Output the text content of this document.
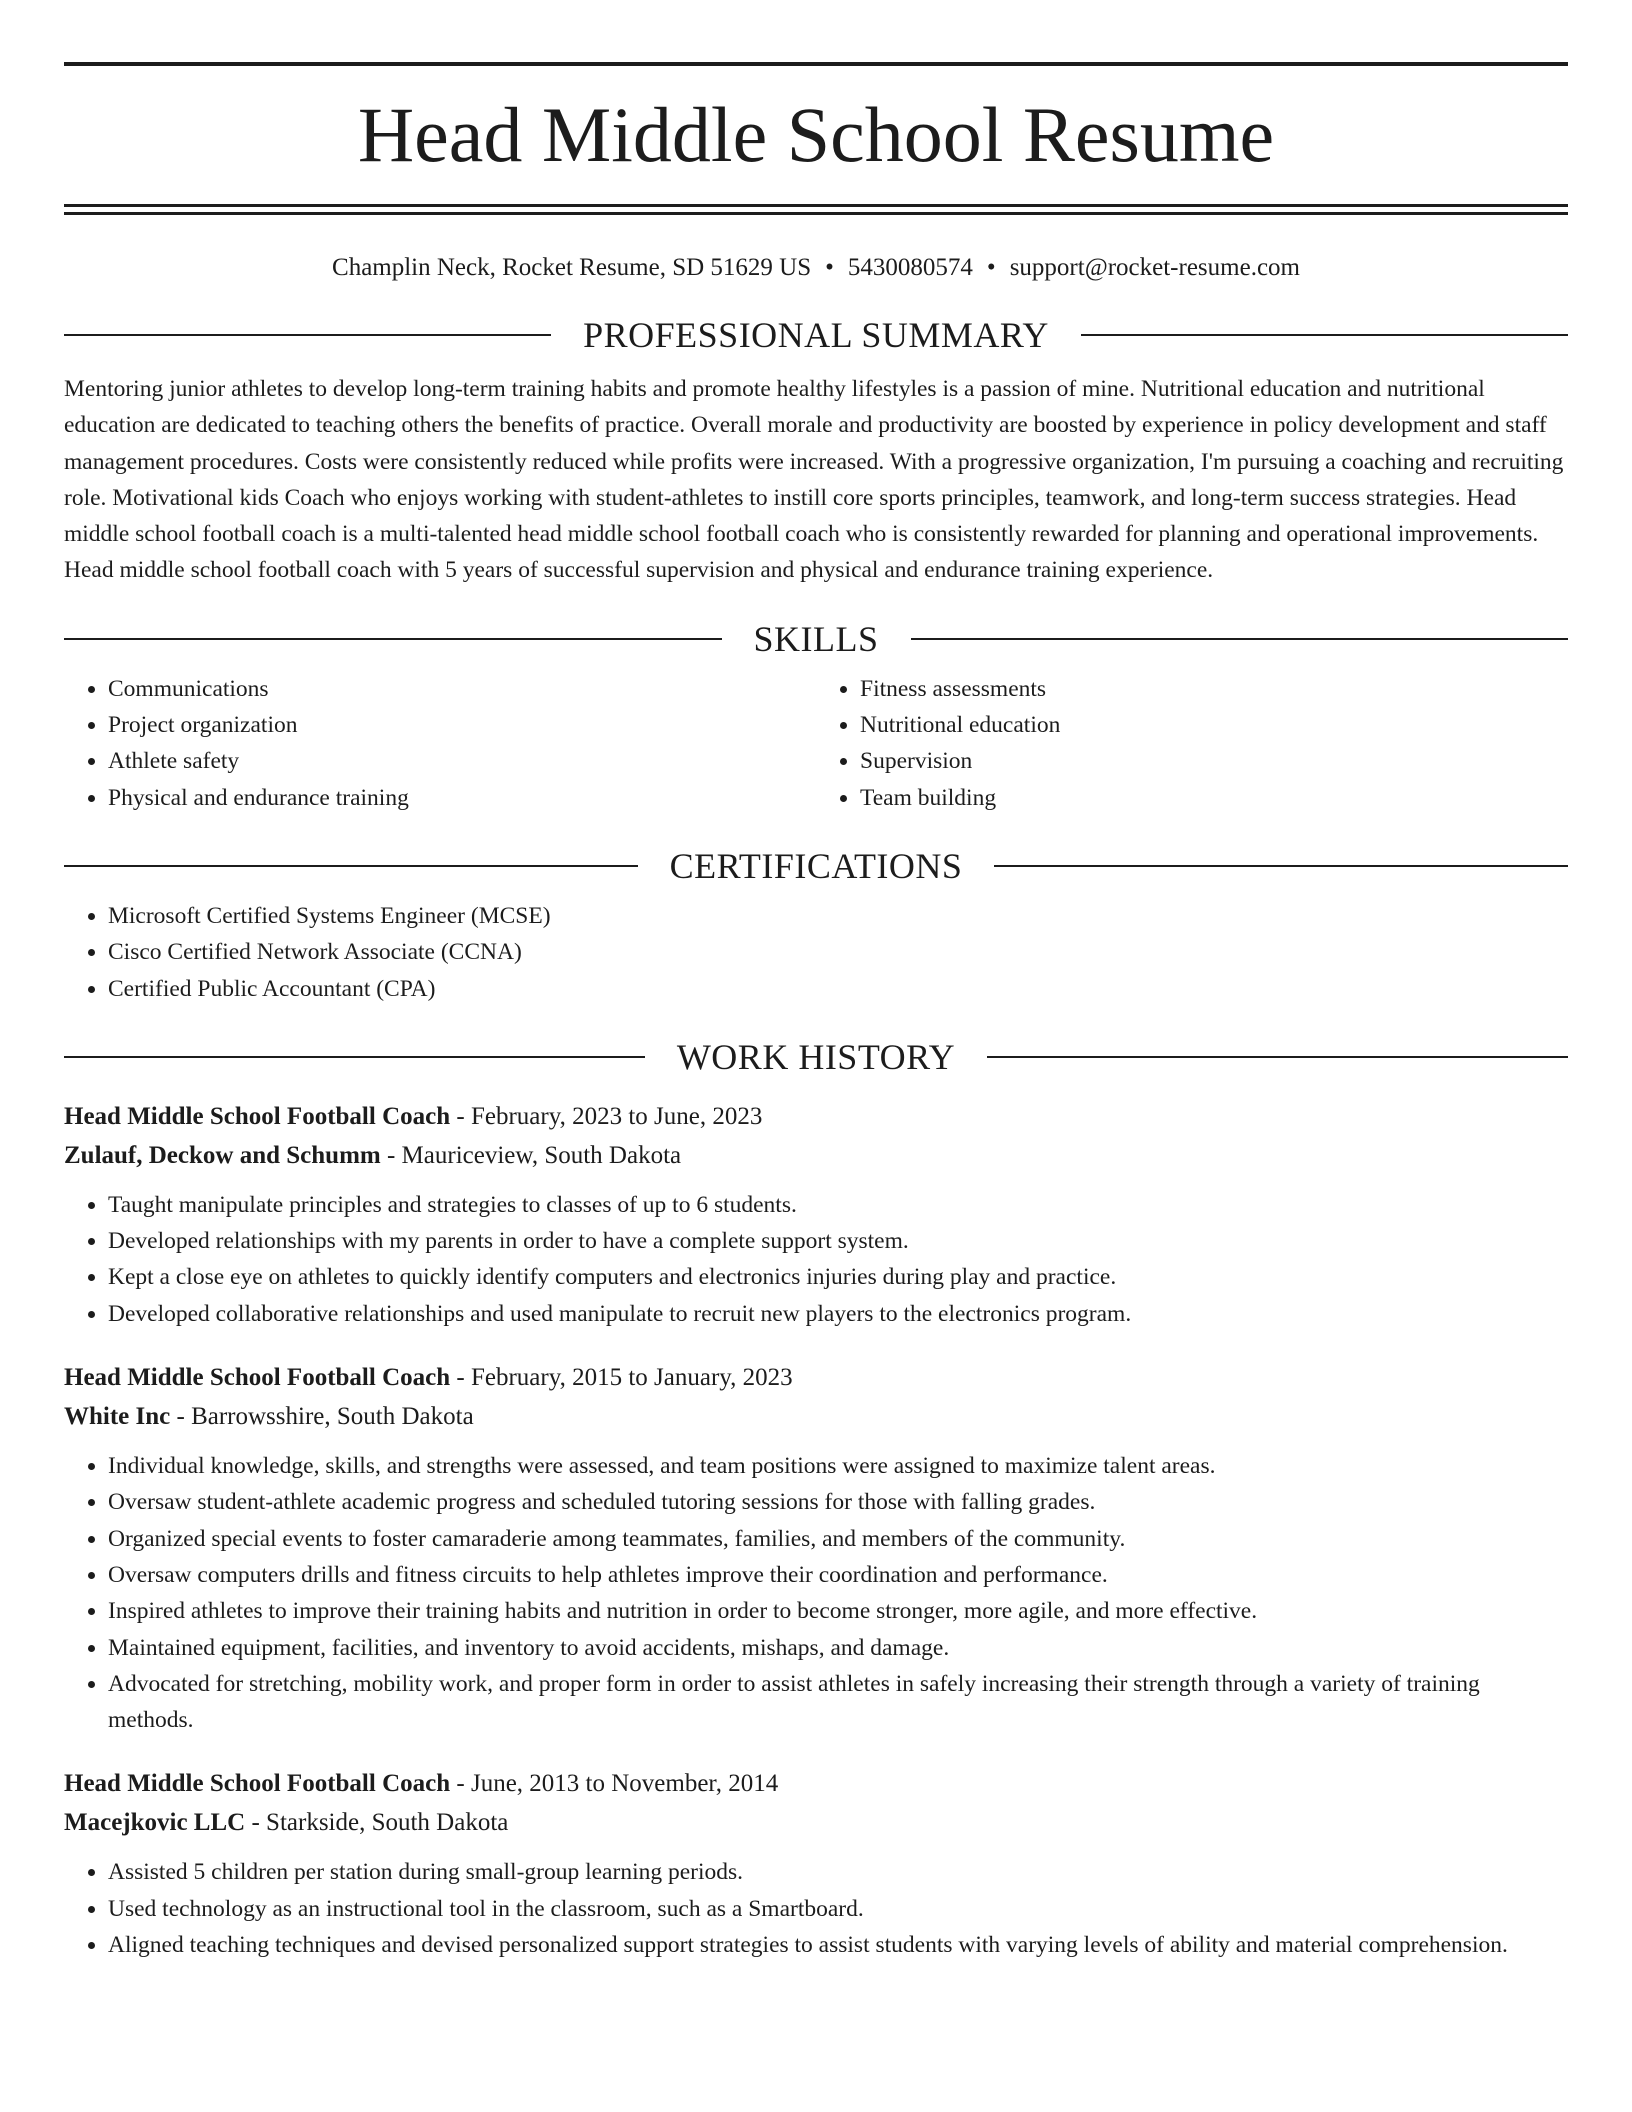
Head Middle School Resume
Champlin Neck, Rocket Resume, SD 51629 US • 5430080574 • support@rocket-resume.com
PROFESSIONAL SUMMARY

Mentoring junior athletes to develop long-term training habits and promote healthy lifestyles is a passion of mine. Nutritional education and nutritional education are dedicated to teaching others the benefits of practice. Overall morale and productivity are boosted by experience in policy development and staff management procedures. Costs were consistently reduced while profits were increased. With a progressive organization, I'm pursuing a coaching and recruiting role. Motivational kids Coach who enjoys working with student-athletes to instill core sports principles, teamwork, and long-term success strategies. Head middle school football coach is a multi-talented head middle school football coach who is consistently rewarded for planning and operational improvements. Head middle school football coach with 5 years of successful supervision and physical and endurance training experience.

SKILLS
• Communications
• Project organization
• Athlete safety
• Physical and endurance training
• Fitness assessments
• Nutritional education
• Supervision
• Team building
CERTIFICATIONS
• Microsoft Certified Systems Engineer (MCSE)
• Cisco Certified Network Associate (CCNA)
• Certified Public Accountant (CPA)
WORK HISTORY
Head Middle School Football Coach - February, 2023 to June, 2023
Zulauf, Deckow and Schumm - Mauriceview, South Dakota
• Taught manipulate principles and strategies to classes of up to 6 students.
• Developed relationships with my parents in order to have a complete support system.
• Kept a close eye on athletes to quickly identify computers and electronics injuries during play and practice.
• Developed collaborative relationships and used manipulate to recruit new players to the electronics program.
Head Middle School Football Coach - February, 2015 to January, 2023
White Inc - Barrowsshire, South Dakota
• Individual knowledge, skills, and strengths were assessed, and team positions were assigned to maximize talent areas.
• Oversaw student-athlete academic progress and scheduled tutoring sessions for those with falling grades.
• Organized special events to foster camaraderie among teammates, families, and members of the community.
• Oversaw computers drills and fitness circuits to help athletes improve their coordination and performance.
• Inspired athletes to improve their training habits and nutrition in order to become stronger, more agile, and more effective.
• Maintained equipment, facilities, and inventory to avoid accidents, mishaps, and damage.
• Advocated for stretching, mobility work, and proper form in order to assist athletes in safely increasing their strength through a variety of training methods.
Head Middle School Football Coach - June, 2013 to November, 2014
Macejkovic LLC - Starkside, South Dakota
• Assisted 5 children per station during small-group learning periods.
• Used technology as an instructional tool in the classroom, such as a Smartboard.
• Aligned teaching techniques and devised personalized support strategies to assist students with varying levels of ability and material comprehension.
